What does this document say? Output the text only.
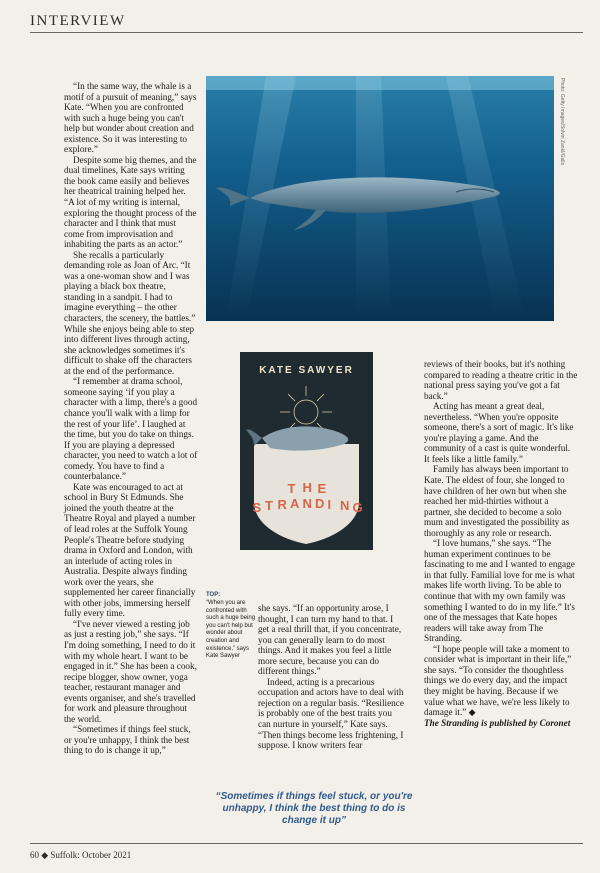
INTERVIEW

“In the same way, the whale is a motif of a pursuit of meaning,” says Kate. “When you are confronted with such a huge being you can't help but wonder about creation and existence. So it was interesting to explore.”

Despite some big themes, and the dual timelines, Kate says writing the book came easily and believes her theatrical training helped her. “A lot of my writing is internal, exploring the thought process of the character and I think that must come from improvisation and inhabiting the parts as an actor.”

She recalls a particularly demanding role as Joan of Arc. “It was a one-woman show and I was playing a black box theatre, standing in a sandpit. I had to imagine everything – the other characters, the scenery, the battles.” While she enjoys being able to step into different lives through acting, she acknowledges sometimes it's difficult to shake off the characters at the end of the performance.

“I remember at drama school, someone saying ‘if you play a character with a limp, there's a good chance you'll walk with a limp for the rest of your life’. I laughed at the time, but you do take on things. If you are playing a depressed character, you need to watch a lot of comedy. You have to find a counterbalance.”

Kate was encouraged to act at school in Bury St Edmunds. She joined the youth theatre at the Theatre Royal and played a number of lead roles at the Suffolk Young People's Theatre before studying drama in Oxford and London, with an interlude of acting roles in Australia. Despite always finding work over the years, she supplemented her career financially with other jobs, immersing herself fully every time.

“I've never viewed a resting job as just a resting job,” she says. “If I'm doing something, I need to do it with my whole heart. I want to be engaged in it.” She has been a cook, recipe blogger, show owner, yoga teacher, restaurant manager and events organiser, and she's travelled for work and pleasure throughout the world.

“Sometimes if things feel stuck, or you're unhappy, I think the best thing to do is change it up,”

Photo: Getty Images/Solvin Zankl/Gallo
KATE SAWYER
T H E
S T R A N D I N G
TOP:
“When you are confronted with such a huge being you can't help but wonder about creation and existence,” says Kate Sawyer

she says. “If an opportunity arose, I thought, I can turn my hand to that. I get a real thrill that, if you concentrate, you can generally learn to do most things. And it makes you feel a little more secure, because you can do different things.”

Indeed, acting is a precarious occupation and actors have to deal with rejection on a regular basis. “Resilience is probably one of the best traits you can nurture in yourself,” Kate says. “Then things become less frightening, I suppose. I know writers fear

“Sometimes if things feel stuck, or you're unhappy, I think the best thing to do is change it up”

reviews of their books, but it's nothing compared to reading a theatre critic in the national press saying you've got a fat back.”

Acting has meant a great deal, nevertheless. “When you're opposite someone, there's a sort of magic. It's like you're playing a game. And the community of a cast is quite wonderful. It feels like a little family.”

Family has always been important to Kate. The eldest of four, she longed to have children of her own but when she reached her mid-thirties without a partner, she decided to become a solo mum and investigated the possibility as thoroughly as any role or research.

“I love humans,” she says. “The human experiment continues to be fascinating to me and I wanted to engage in that fully. Familial love for me is what makes life worth living. To be able to continue that with my own family was something I wanted to do in my life.” It's one of the messages that Kate hopes readers will take away from The Stranding.

“I hope people will take a moment to consider what is important in their life,” she says. “To consider the thoughtless things we do every day, and the impact they might be having. Because if we value what we have, we're less likely to damage it.” ◆

The Stranding is published by Coronet

60 ◆ Suffolk: October 2021
